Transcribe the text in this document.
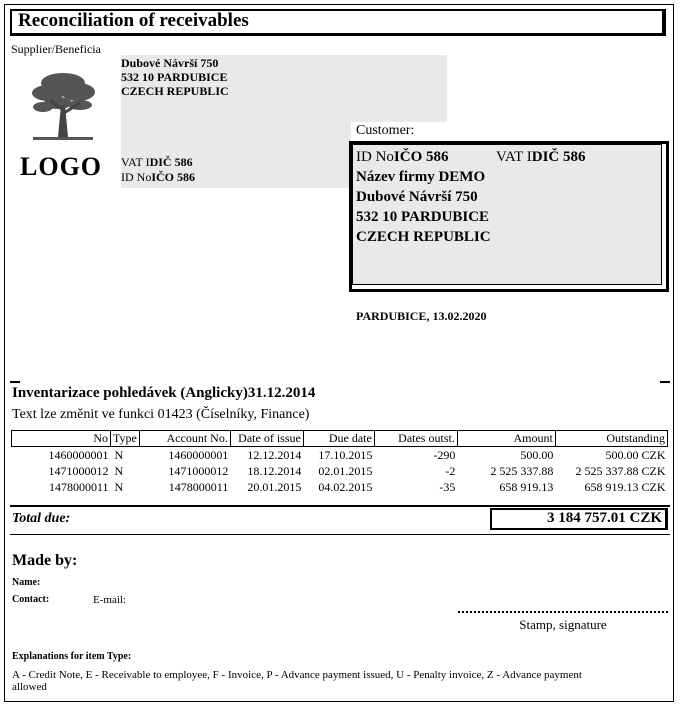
Reconciliation of receivables
Supplier/Beneficia
Dubové Návrší 750
532 10 PARDUBICE
CZECH REPUBLIC
LOGO VAT IDIČ 586
ID NoIČO 586
Customer:
ID NoIČO 586	VAT IDIČ 586
Název firmy DEMO
Dubové Návrší 750
532 10 PARDUBICE
CZECH REPUBLIC
PARDUBICE, 13.02.2020
Inventarizace pohledávek (Anglicky)31.12.2014
Text lze změnit ve funkci 01423 (Číselníky, Finance)
No	Type	Account No.	Date of issue	Due date	Dates outst.	Amount	Outstanding
1460000001	N	1460000001	12.12.2014	17.10.2015	-290	500.00	500.00 CZK
1471000012	N	1471000012	18.12.2014	02.01.2015	-2	2 525 337.88	2 525 337.88 CZK
1478000011	N	1478000011	20.01.2015	04.02.2015	-35	658 919.13	658 919.13 CZK
Total due:	3 184 757.01 CZK
Made by:
Name:
Contact:	E-mail:
Stamp, signature
Explanations for item Type:
A - Credit Note, E - Receivable to employee, F - Invoice, P - Advance payment issued, U - Penalty invoice, Z - Advance payment allowed
